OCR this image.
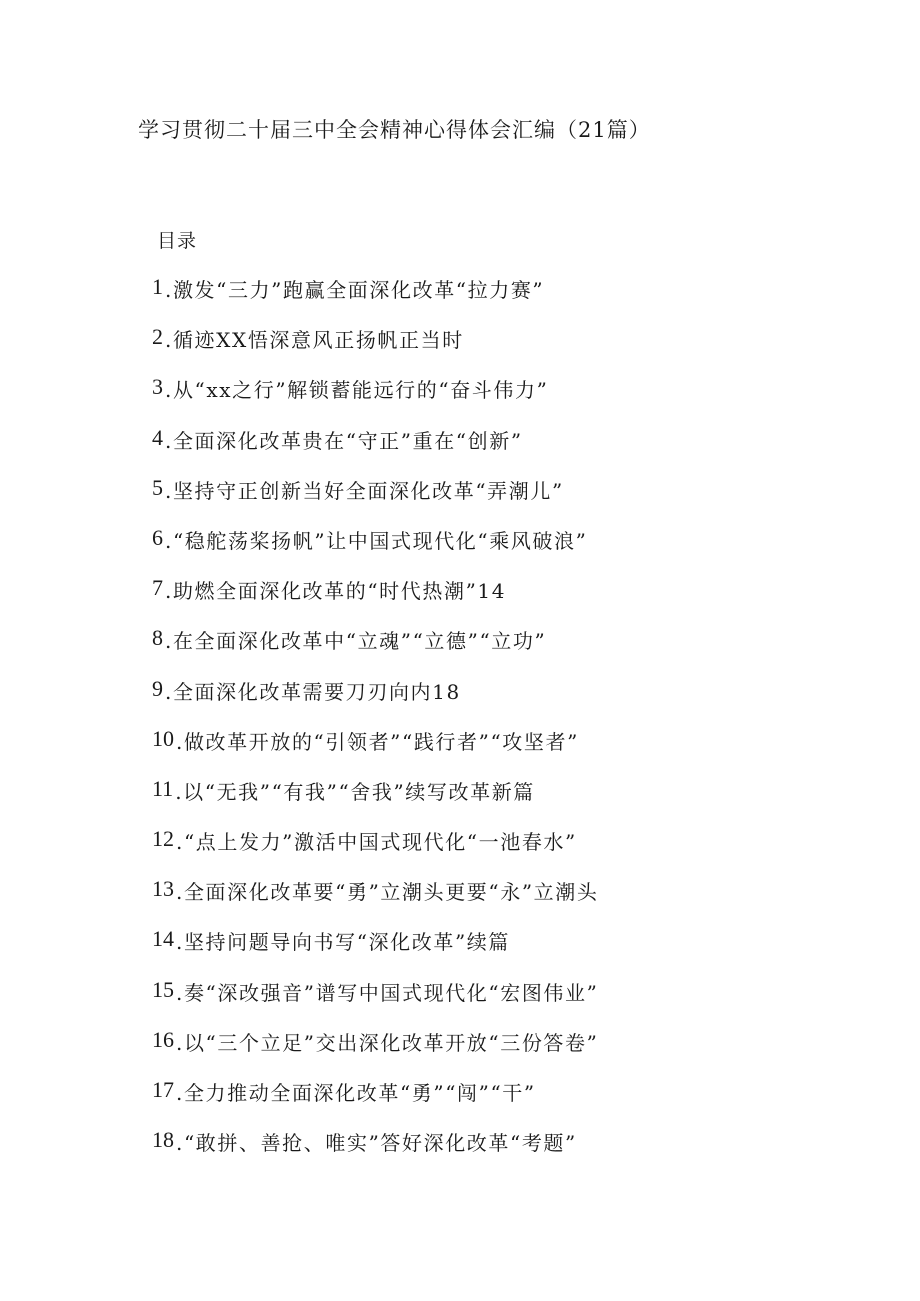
学习贯彻二十届三中全会精神心得体会汇编（21篇）
目录
1 .激发“三力”跑赢全面深化改革“拉力赛”
2 .循迹XX悟深意风正扬帆正当时
3 .从“xx之行”解锁蓄能远行的“奋斗伟力”
4 .全面深化改革贵在“守正”重在“创新”
5 .坚持守正创新当好全面深化改革“弄潮儿”
6 .“稳舵荡桨扬帆”让中国式现代化“乘风破浪”
7 .助燃全面深化改革的“时代热潮”14
8 .在全面深化改革中“立魂”“立德”“立功”
9 .全面深化改革需要刀刃向内18
10 .做改革开放的“引领者”“践行者”“攻坚者”
11 .以“无我”“有我”“舍我”续写改革新篇
12 .“点上发力”激活中国式现代化“一池春水”
13 .全面深化改革要“勇”立潮头更要“永”立潮头
14 .坚持问题导向书写“深化改革”续篇
15 .奏“深改强音”谱写中国式现代化“宏图伟业”
16 .以“三个立足”交出深化改革开放“三份答卷”
17 .全力推动全面深化改革“勇”“闯”“干”
18 .“敢拼、善抢、唯实”答好深化改革“考题”
